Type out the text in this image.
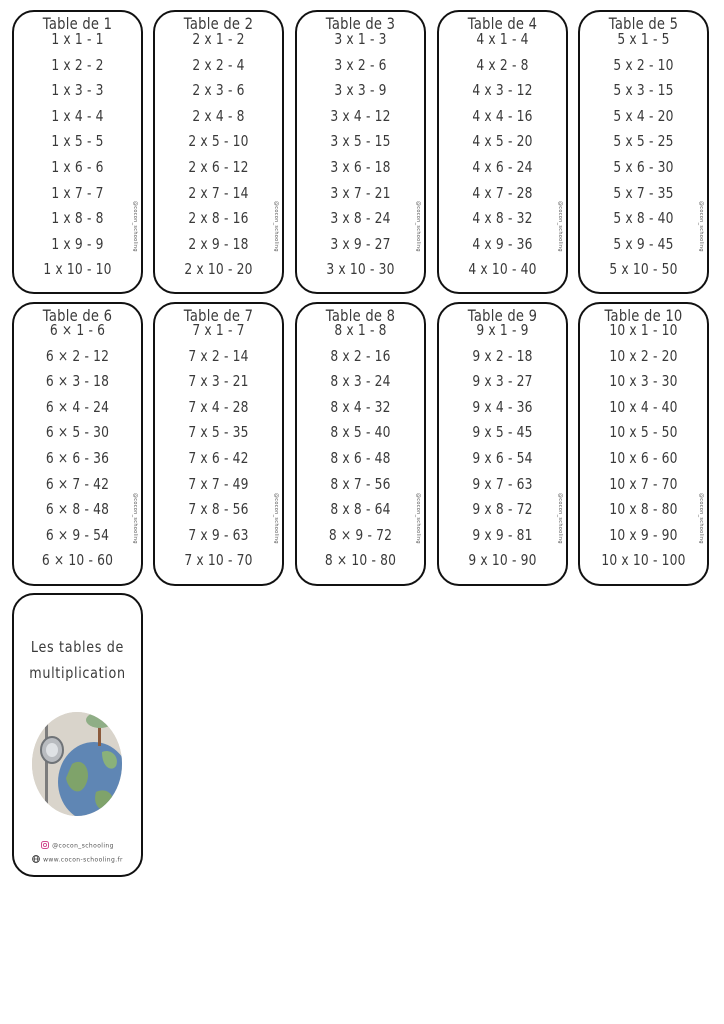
Table de 1
1 x 1 - 1
1 x 2 - 2
1 x 3 - 3
1 x 4 - 4
1 x 5 - 5
1 x 6 - 6
1 x 7 - 7
1 x 8 - 8
1 x 9 - 9
1 x 10 - 10
@cocon_schooling
Table de 2
2 x 1 - 2
2 x 2 - 4
2 x 3 - 6
2 x 4 - 8
2 x 5 - 10
2 x 6 - 12
2 x 7 - 14
2 x 8 - 16
2 x 9 - 18
2 x 10 - 20
@cocon_schooling
Table de 3
3 x 1 - 3
3 x 2 - 6
3 x 3 - 9
3 x 4 - 12
3 x 5 - 15
3 x 6 - 18
3 x 7 - 21
3 x 8 - 24
3 x 9 - 27
3 x 10 - 30
@cocon_schooling
Table de 4
4 x 1 - 4
4 x 2 - 8
4 x 3 - 12
4 x 4 - 16
4 x 5 - 20
4 x 6 - 24
4 x 7 - 28
4 x 8 - 32
4 x 9 - 36
4 x 10 - 40
@cocon_schooling
Table de 5
5 x 1 - 5
5 x 2 - 10
5 x 3 - 15
5 x 4 - 20
5 x 5 - 25
5 x 6 - 30
5 x 7 - 35
5 x 8 - 40
5 x 9 - 45
5 x 10 - 50
@cocon_schooling
Table de 6
6 × 1 - 6
6 × 2 - 12
6 × 3 - 18
6 × 4 - 24
6 × 5 - 30
6 × 6 - 36
6 × 7 - 42
6 × 8 - 48
6 × 9 - 54
6 × 10 - 60
@cocon_schooling
Table de 7
7 x 1 - 7
7 x 2 - 14
7 x 3 - 21
7 x 4 - 28
7 x 5 - 35
7 x 6 - 42
7 x 7 - 49
7 x 8 - 56
7 x 9 - 63
7 x 10 - 70
@cocon_schooling
Table de 8
8 x 1 - 8
8 x 2 - 16
8 x 3 - 24
8 x 4 - 32
8 x 5 - 40
8 x 6 - 48
8 x 7 - 56
8 x 8 - 64
8 × 9 - 72
8 × 10 - 80
@cocon_schooling
Table de 9
9 x 1 - 9
9 x 2 - 18
9 x 3 - 27
9 x 4 - 36
9 x 5 - 45
9 x 6 - 54
9 x 7 - 63
9 x 8 - 72
9 x 9 - 81
9 x 10 - 90
@cocon_schooling
Table de 10
10 x 1 - 10
10 x 2 - 20
10 x 3 - 30
10 x 4 - 40
10 x 5 - 50
10 x 6 - 60
10 x 7 - 70
10 x 8 - 80
10 x 9 - 90
10 x 10 - 100
@cocon_schooling
Les tables de
multiplication
@cocon_schooling
www.cocon-schooling.fr
